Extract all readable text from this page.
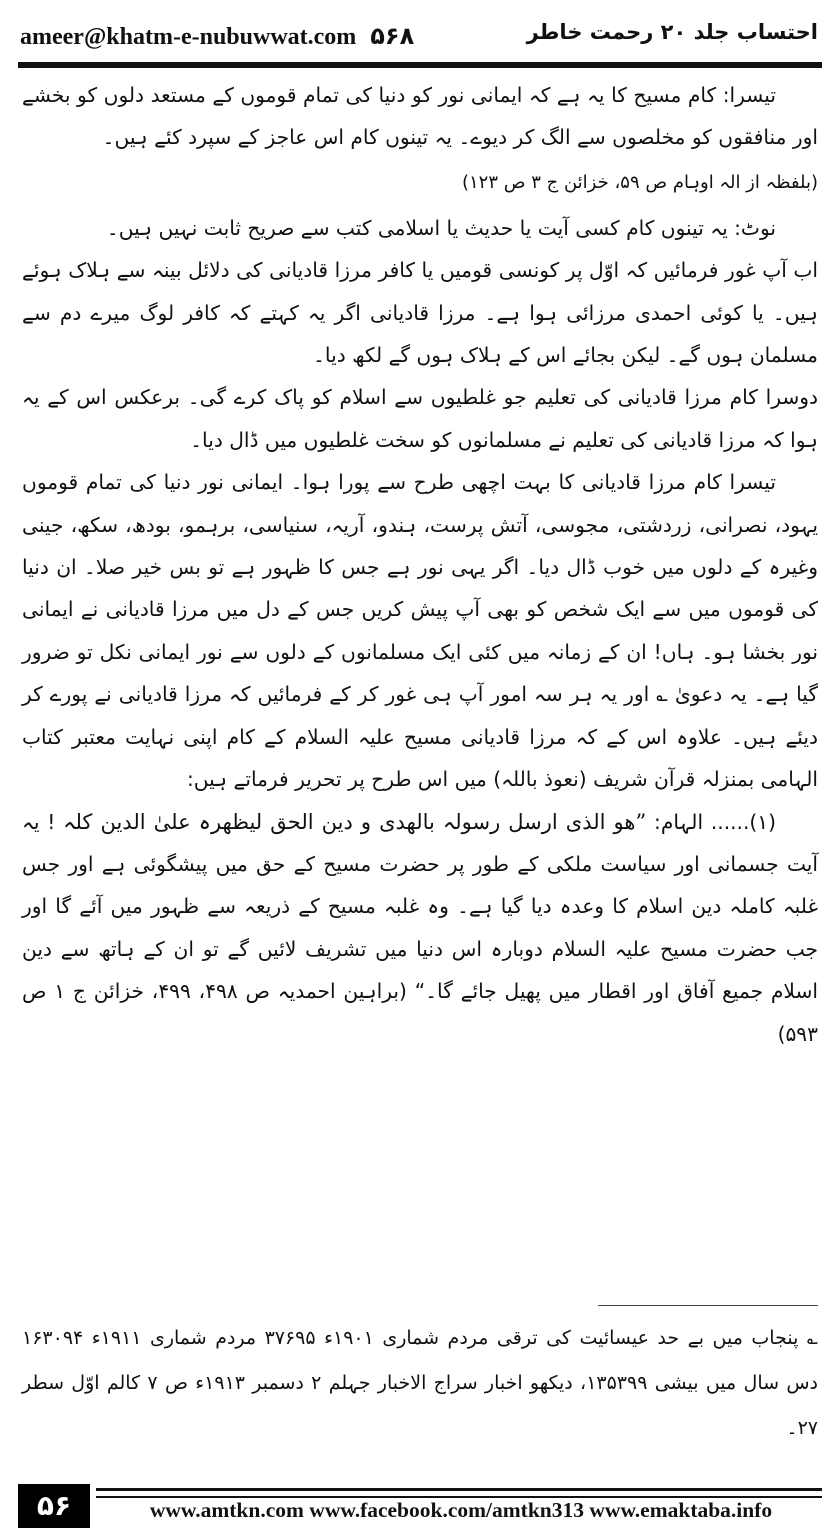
ameer@khatm-e-nubuwwat.com ۵۶۸	احتساب جلد ۲۰ رحمت خاطر

تیسرا: کام مسیح کا یہ ہے کہ ایمانی نور کو دنیا کی تمام قوموں کے مستعد دلوں کو بخشے اور منافقوں کو مخلصوں سے الگ کر دیوے۔ یہ تینوں کام اس عاجز کے سپرد کئے ہیں۔

(بلفظہ از الہ اوہام ص ۵۹، خزائن ج ۳ ص ۱۲۳)

نوٹ: یہ تینوں کام کسی آیت یا حدیث یا اسلامی کتب سے صریح ثابت نہیں ہیں۔

اب آپ غور فرمائیں کہ اوّل پر کونسی قومیں یا کافر مرزا قادیانی کی دلائل بینہ سے ہلاک ہوئے ہیں۔ یا کوئی احمدی مرزائی ہوا ہے۔ مرزا قادیانی اگر یہ کہتے کہ کافر لوگ میرے دم سے مسلمان ہوں گے۔ لیکن بجائے اس کے ہلاک ہوں گے لکھ دیا۔

دوسرا کام مرزا قادیانی کی تعلیم جو غلطیوں سے اسلام کو پاک کرے گی۔ برعکس اس کے یہ ہوا کہ مرزا قادیانی کی تعلیم نے مسلمانوں کو سخت غلطیوں میں ڈال دیا۔

تیسرا کام مرزا قادیانی کا بہت اچھی طرح سے پورا ہوا۔ ایمانی نور دنیا کی تمام قوموں یہود، نصرانی، زردشتی، مجوسی، آتش پرست، ہندو، آریہ، سنیاسی، برہمو، بودھ، سکھ، جینی وغیرہ کے دلوں میں خوب ڈال دیا۔ اگر یہی نور ہے جس کا ظہور ہے تو بس خیر صلا۔ ان دنیا کی قوموں میں سے ایک شخص کو بھی آپ پیش کریں جس کے دل میں مرزا قادیانی نے ایمانی نور بخشا ہو۔ ہاں! ان کے زمانہ میں کئی ایک مسلمانوں کے دلوں سے نور ایمانی نکل تو ضرور گیا ہے۔ یہ دعویٰ ؎ اور یہ ہر سہ امور آپ ہی غور کر کے فرمائیں کہ مرزا قادیانی نے پورے کر دیئے ہیں۔ علاوہ اس کے کہ مرزا قادیانی مسیح علیہ السلام کے کام اپنی نہایت معتبر کتاب الہامی بمنزلہ قرآن شریف (نعوذ باللہ) میں اس طرح پر تحریر فرماتے ہیں:

(۱)...... الہام: ”ھو الذی ارسل رسولہ بالھدی و دین الحق لیظھرہ علیٰ الدین کلہ ! یہ آیت جسمانی اور سیاست ملکی کے طور پر حضرت مسیح کے حق میں پیشگوئی ہے اور جس غلبہ کاملہ دین اسلام کا وعدہ دیا گیا ہے۔ وہ غلبہ مسیح کے ذریعہ سے ظہور میں آئے گا اور جب حضرت مسیح علیہ السلام دوبارہ اس دنیا میں تشریف لائیں گے تو ان کے ہاتھ سے دین اسلام جمیع آفاق اور اقطار میں پھیل جائے گا۔“ (براہین احمدیہ ص ۴۹۸، ۴۹۹، خزائن ج ۱ ص ۵۹۳)

؎ پنجاب میں بے حد عیسائیت کی ترقی مردم شماری ۱۹۰۱ء ۳۷۶۹۵ مردم شماری ۱۹۱۱ء ۱۶۳۰۹۴ دس سال میں بیشی ۱۳۵۳۹۹، دیکھو اخبار سراج الاخبار جہلم ۲ دسمبر ۱۹۱۳ء ص ۷ کالم اوّل سطر ۲۷۔

۵۶	www.amtkn.com www.facebook.com/amtkn313 www.emaktaba.info
